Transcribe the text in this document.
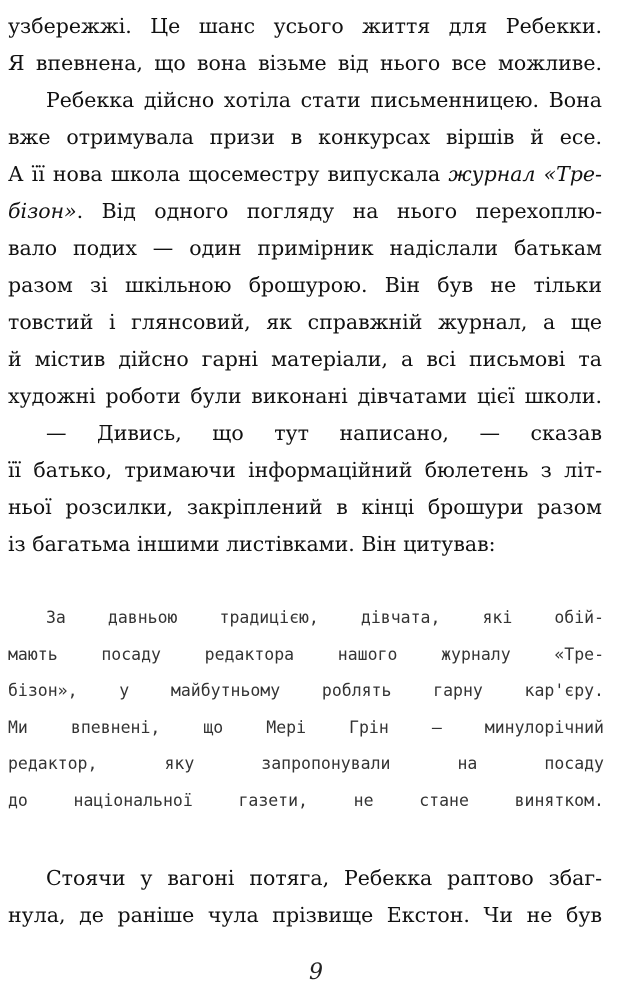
узбережжі. Це шанс усього життя для Ребекки.
Я впевнена, що вона візьме від нього все можливе.
Ребекка дійсно хотіла стати письменницею. Вона
вже отримувала призи в конкурсах віршів й есе.
А її нова школа щосеместру випускала журнал «Тре-
бізон». Від одного погляду на нього перехоплю-
вало подих — один примірник надіслали батькам
разом зі шкільною брошурою. Він був не тільки
товстий і глянсовий, як справжній журнал, а ще
й містив дійсно гарні матеріали, а всі письмові та
художні роботи були виконані дівчатами цієї школи.
— Дивись, що тут написано, — сказав
її батько, тримаючи інформаційний бюлетень з літ-
ньої розсилки, закріплений в кінці брошури разом
із багатьма іншими листівками. Він цитував:
За давньою традицією, дівчата, які обій-
мають посаду редактора нашого журналу «Тре-
бізон», у майбутньому роблять гарну кар'єру.
Ми впевнені, що Мері Грін — минулорічний
редактор, яку запропонували на посаду
до національної газети, не стане винятком.
Стоячи у вагоні потяга, Ребекка раптово збаг-
нула, де раніше чула прізвище Екстон. Чи не був
9
